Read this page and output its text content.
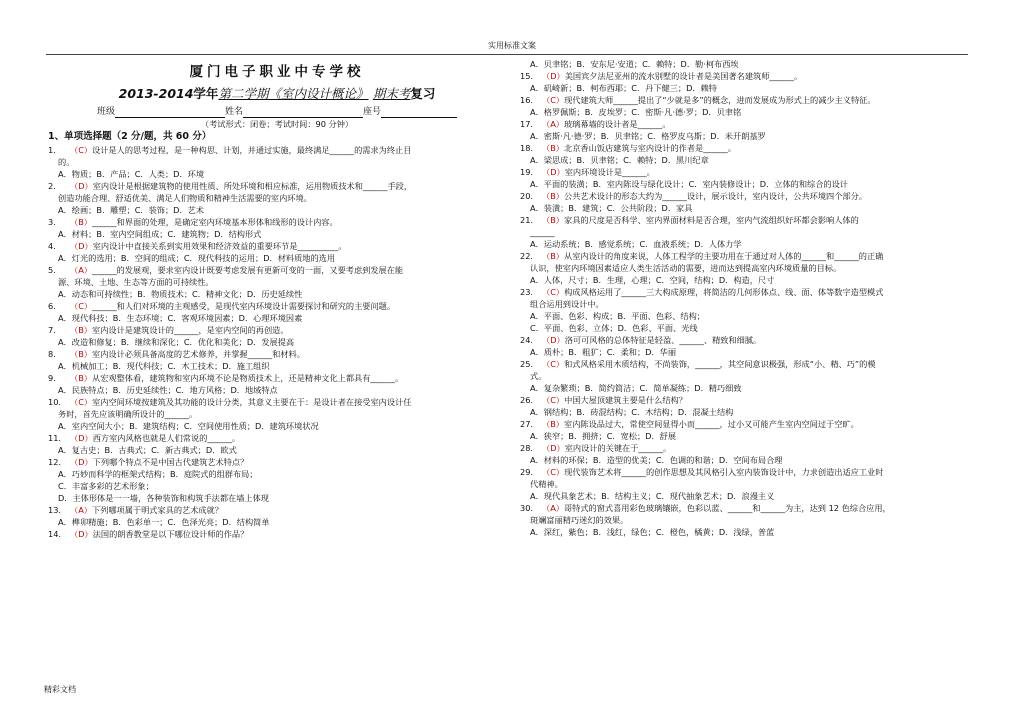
实用标准文案
厦门电子职业中专学校
2013-2014学年第二学期《室内设计概论》 期末考复习
班级	姓名	座号
（考试形式：闭卷；考试时间：90 分钟）
1、单项选择题（2 分/题，共 60 分）
1. （C）设计是人的思考过程，是一种构思、计划，并通过实施，最终满足______的需求为终止目
的。
A．物质；B．产品；C．人类；D．环境
2. （D）室内设计是根据建筑物的使用性质、所处环境和相应标准，运用物质技术和______手段，
创造功能合理、舒适优美、满足人们物质和精神生活需要的室内环境。
A．绘画；B．雕塑；C．装饰；D．艺术
3. （B）______和界面的处理，是确定室内环境基本形体和线形的设计内容。
A．材料；B．室内空间组成；C．建筑物；D．结构形式
4. （D）室内设计中直接关系到实用效果和经济效益的重要环节是__________。
A．灯光的选用；B．空间的组成；C．现代科技的运用；D．材料质地的选用
5. （A）______的发展观，要求室内设计既要考虑发展有更新可变的一面，又要考虑到发展在能
源、环境、土地、生态等方面的可持续性。
A．动态和可持续性；B．物质技术；C．精神文化；D．历史延续性
6. （C）______和人们对环境的主观感受，是现代室内环境设计需要探讨和研究的主要问题。
A．现代科技；B．生态环境；C．客观环境因素；D．心理环境因素
7. （B）室内设计是建筑设计的______，是室内空间的再创造。
A．改造和修复；B．继续和深化；C．优化和美化；D．发展提高
8. （B）室内设计必须具备高度的艺术修养，并掌握______和材料。
A．机械加工；B．现代科技；C．木工技术；D．施工组织
9. （B）从宏观整体看，建筑物和室内环境不论是物质技术上，还是精神文化上都具有______。
A．民族特点；B．历史延续性；C．地方风格；D．地域特点
10. （C）室内空间环境按建筑及其功能的设计分类，其意义主要在于：是设计者在接受室内设计任
务时，首先应该明确所设计的______。
A．室内空间大小；B．建筑结构；C．空间使用性质；D．建筑环境状况
11. （D）西方室内风格也就是人们常说的______。
A．复古史；B．古典式；C．新古典式；D．欧式
12. （D）下列哪个特点不是中国古代建筑艺术特点？
A．巧妙而科学的框架式结构；B．庭院式的组群布局；
C．丰富多彩的艺术形象；
D．主体形体是一一墙，各种装饰和构筑手法都在墙上体现
13. （A）下列哪项属于明式家具的艺术成就？
A．榫卯精施；B．色彩单一；C．色泽光亮；D．结构简单
14. （D）法国的朗香教堂是以下哪位设计师的作品？
A．贝聿铭；B．安东尼·安道；C．赖特；D．勒·柯布西埃
15. （D）美国宾夕法尼亚州的流水别墅的设计者是美国著名建筑师______。
A．矶崎新；B．柯布西耶；C．丹下健三；D．赖特
16. （C）现代建筑大师______提出了“少就是多”的概念，进而发展成为形式上的减少主义特征。
A．格罗佩斯；B．皮埃罗；C．密斯·凡·德·罗；D．贝聿铭
17. （A）玻璃幕墙的设计者是______。
A．密斯·凡·德·罗；B．贝聿铭；C．格罗皮乌斯；D．米开朗基罗
18. （B）北京香山饭店建筑与室内设计的作者是______。
A．梁思成；B．贝聿铭；C．赖特；D．黑川纪章
19. （D）室内环境设计是______。
A．平面的装潢；B．室内陈设与绿化设计；C．室内装修设计；D．立体的和综合的设计
20. （B）公共艺术设计的形态大约为______设计，展示设计，室内设计，公共环境四个部分。
A．装潢；B．建筑；C．公共阶段；D．家具
21. （B）家具的尺度是否科学、室内界面材料是否合理，室内气流组织好坏都会影响人体的
______
A．运动系统；B．感觉系统；C．血液系统；D．人体力学
22. （B）从室内设计的角度来说，人体工程学的主要功用在于通过对人体的______和______的正确
认识，使室内环境因素适应人类生活活动的需要，进而达到提高室内环境质量的目标。
A．人体，尺寸；B．生理，心理；C．空间，结构；D．构造，尺寸
23. （C）构成风格运用了______三大构成原理，将简洁的几何形体点、线、面、体等数字造型模式
组合运用到设计中。
A．平面、色彩、构成；B．平面、色彩、结构；
C．平面、色彩、立体；D．色彩、平面、光线
24. （D）洛可可风格的总体特征是轻盈、______、精致和细腻。
A．质朴；B．粗犷；C．柔和；D．华丽
25. （C）和式风格采用木质结构，不尚装饰，______，其空间意识极强，形成“小、精、巧”的模
式。
A．复杂繁琐；B．简约简洁；C．简单凝练；D．精巧细致
26. （C）中国大屋顶建筑主要是什么结构？
A．钢结构；B．砖混结构；C．木结构；D．混凝土结构
27. （B）室内陈设品过大，常使空间显得小而______，过小又可能产生室内空间过于空旷。
A．狭窄；B．拥挤；C．宽松；D．舒展
28. （D）室内设计的关键在于______。
A．材料的环保；B．造型的优美；C．色调的和谐；D．空间布局合理
29. （C）现代装饰艺术将______的创作思想及其风格引入室内装饰设计中，力求创造出适应工业时
代精神。
A．现代具象艺术；B．结构主义；C．现代抽象艺术；D．浪漫主义
30. （A）哥特式的窗式喜用彩色玻璃镶嵌，色彩以蓝、______和______为主，达到 12 色综合应用，
斑斓富丽精巧迷幻的效果。
A．深红，紫色；B．浅红，绿色；C．橙色，橘黄；D．浅绿，普蓝
精彩文档
